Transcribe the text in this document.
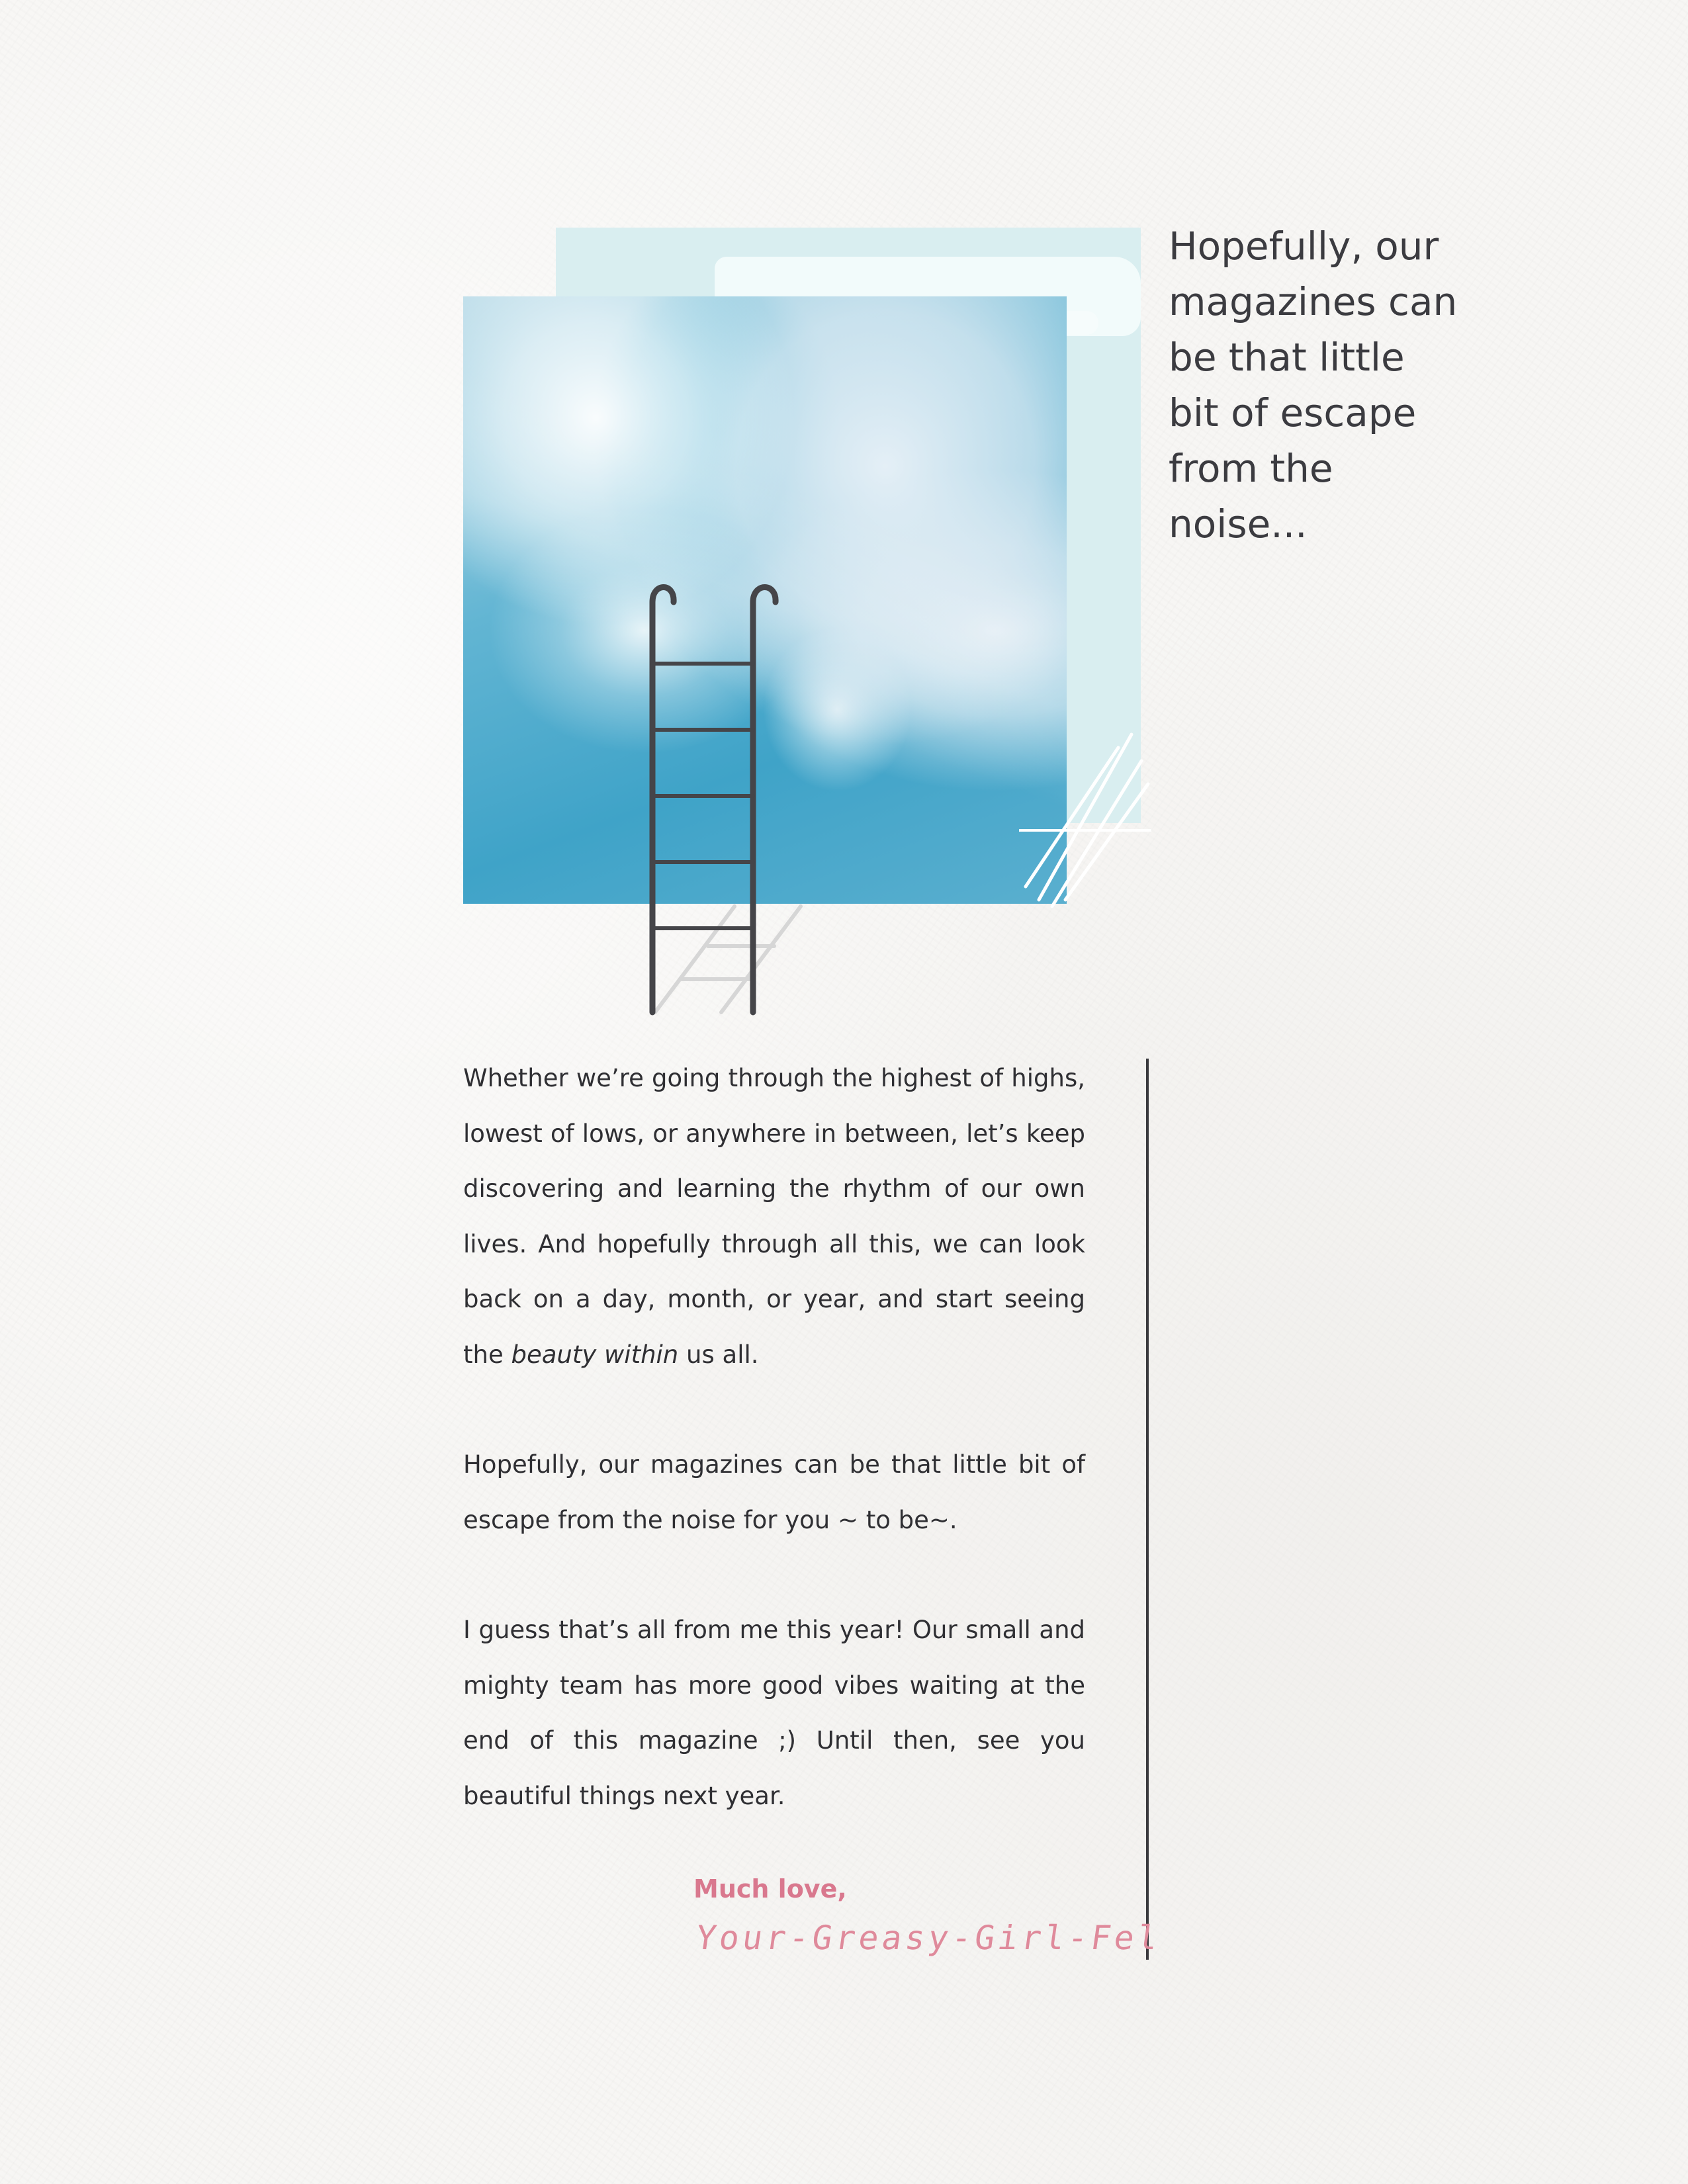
Hopefully, our
magazines can
be that little
bit of escape
from the
noise...

Whether we’re going through the highest of highs, lowest of lows, or anywhere in between, let’s keep discovering and learning the rhythm of our own lives. And hopefully through all this, we can look back on a day, month, or year, and start seeing the beauty within us all.

Hopefully, our magazines can be that little bit of escape from the noise for you ~ to be~.

I guess that’s all from me this year! Our small and mighty team has more good vibes waiting at the end of this magazine ;) Until then, see you beautiful things next year.

Much love,
Your-Greasy-Girl-Fel
